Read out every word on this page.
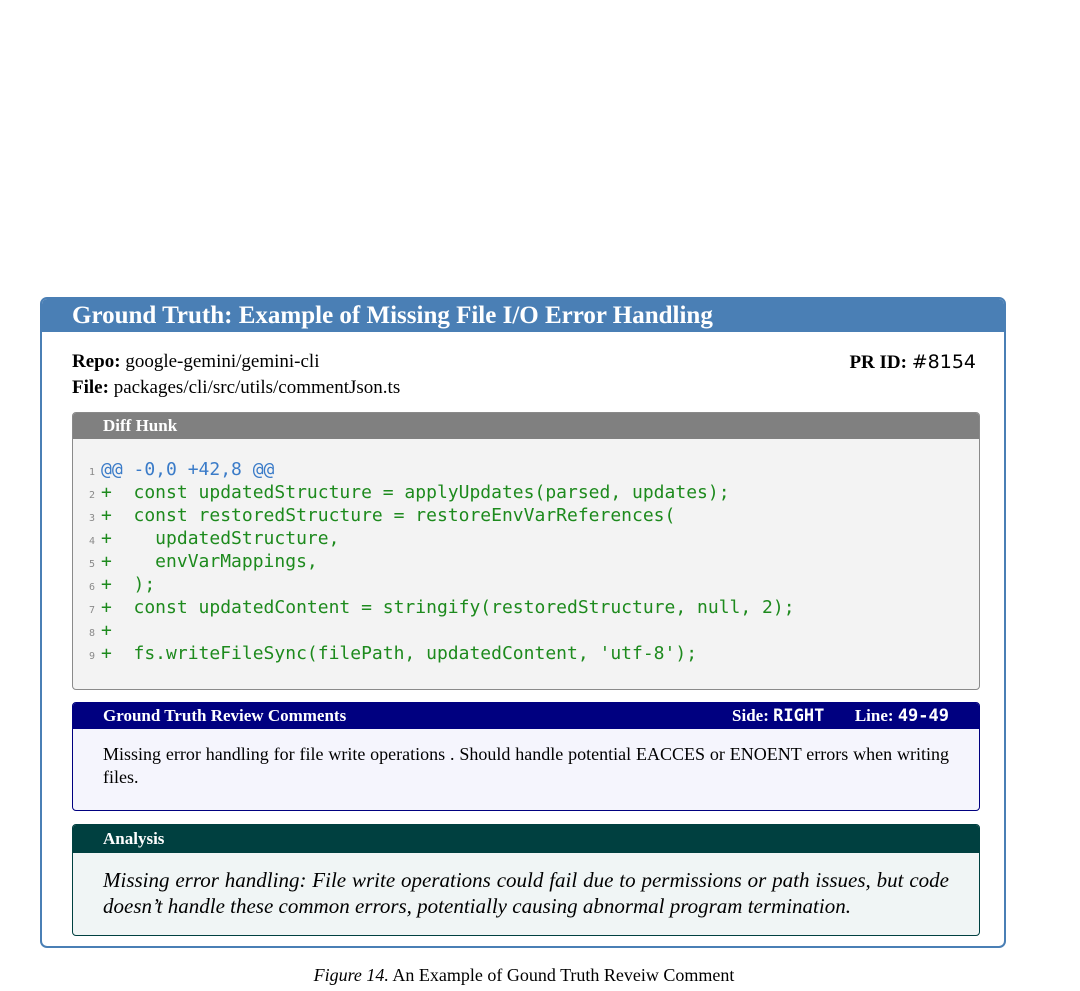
Ground Truth: Example of Missing File I/O Error Handling
Repo: google-gemini/gemini-cli
File: packages/cli/src/utils/commentJson.ts
PR ID: #8154
Diff Hunk
1 @@ -0,0 +42,8 @@
2 +  const updatedStructure = applyUpdates(parsed, updates);
3 +  const restoredStructure = restoreEnvVarReferences(
4 +    updatedStructure,
5 +    envVarMappings,
6 +  );
7 +  const updatedContent = stringify(restoredStructure, null, 2);
8 +
9 +  fs.writeFileSync(filePath, updatedContent, 'utf-8');
Ground Truth Review Comments	Side: RIGHT Line: 49-49
Missing error handling for file write operations . Should handle potential EACCES or ENOENT errors when writing files.
Analysis
Missing error handling: File write operations could fail due to permissions or path issues, but code doesn’t handle these common errors, potentially causing abnormal program termination.
Figure 14. An Example of Gound Truth Reveiw Comment
